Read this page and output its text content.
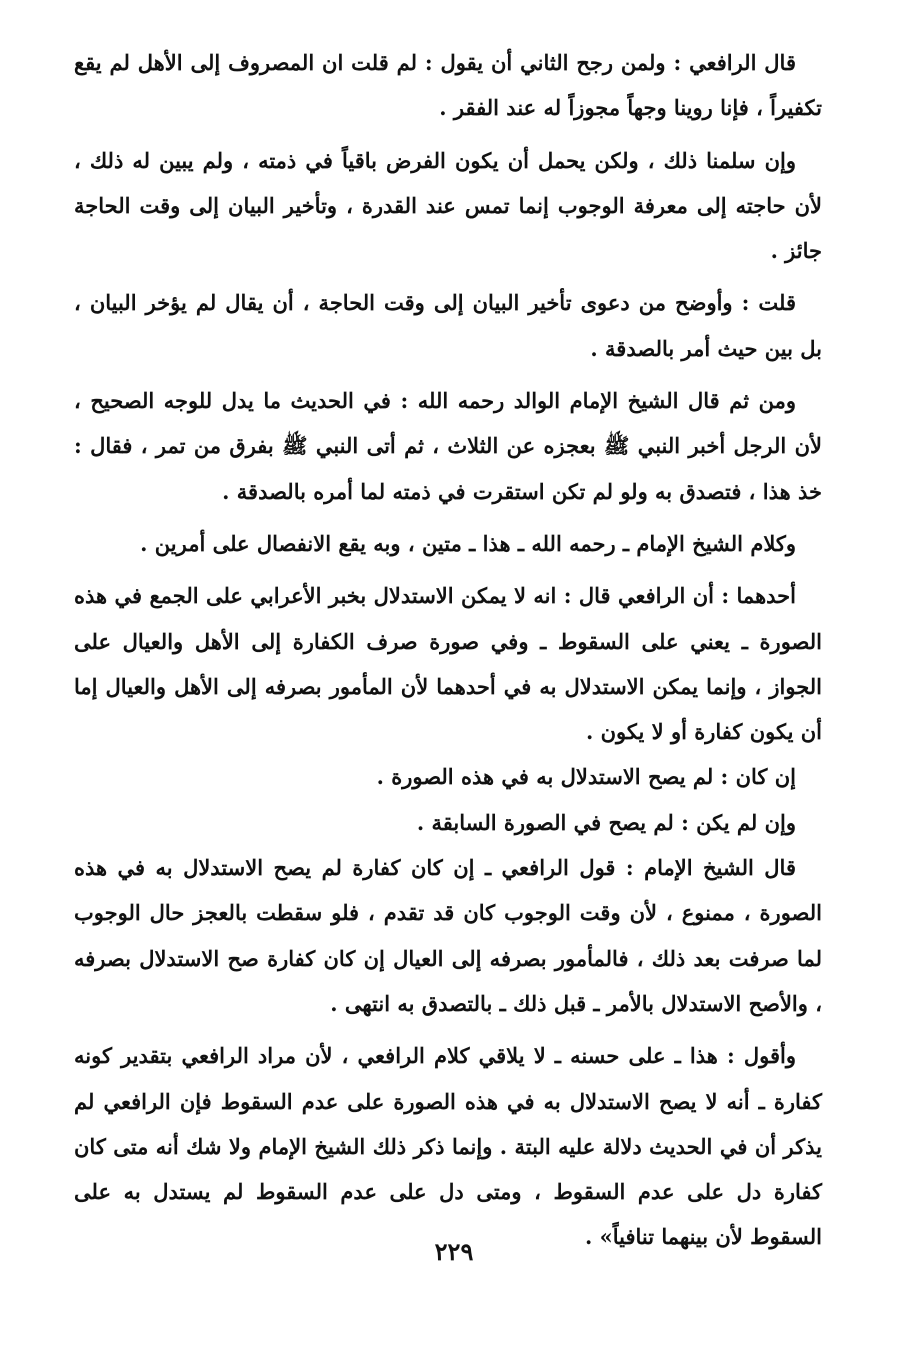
قال الرافعي : ولمن رجح الثاني أن يقول : لم قلت ان المصروف إلى الأهل لم يقع تكفيراً ، فإنا روينا وجهاً مجوزاً له عند الفقر .

وإن سلمنا ذلك ، ولكن يحمل أن يكون الفرض باقياً في ذمته ، ولم يبين له ذلك ، لأن حاجته إلى معرفة الوجوب إنما تمس عند القدرة ، وتأخير البيان إلى وقت الحاجة جائز .

قلت : وأوضح من دعوى تأخير البيان إلى وقت الحاجة ، أن يقال لم يؤخر البيان ، بل بين حيث أمر بالصدقة .

ومن ثم قال الشيخ الإمام الوالد رحمه الله : في الحديث ما يدل للوجه الصحيح ، لأن الرجل أخبر النبي ﷺ بعجزه عن الثلاث ، ثم أتى النبي ﷺ بفرق من تمر ، فقال : خذ هذا ، فتصدق به ولو لم تكن استقرت في ذمته لما أمره بالصدقة .

وكلام الشيخ الإمام ـ رحمه الله ـ هذا ـ متين ، وبه يقع الانفصال على أمرين .

أحدهما : أن الرافعي قال : انه لا يمكن الاستدلال بخبر الأعرابي على الجمع في هذه الصورة ـ يعني على السقوط ـ وفي صورة صرف الكفارة إلى الأهل والعيال على الجواز ، وإنما يمكن الاستدلال به في أحدهما لأن المأمور بصرفه إلى الأهل والعيال إما أن يكون كفارة أو لا يكون .

إن كان : لم يصح الاستدلال به في هذه الصورة .

وإن لم يكن : لم يصح في الصورة السابقة .

قال الشيخ الإمام : قول الرافعي ـ إن كان كفارة لم يصح الاستدلال به في هذه الصورة ، ممنوع ، لأن وقت الوجوب كان قد تقدم ، فلو سقطت بالعجز حال الوجوب لما صرفت بعد ذلك ، فالمأمور بصرفه إلى العيال إن كان كفارة صح الاستدلال بصرفه ، والأصح الاستدلال بالأمر ـ قبل ذلك ـ بالتصدق به انتهى .

وأقول : هذا ـ على حسنه ـ لا يلاقي كلام الرافعي ، لأن مراد الرافعي بتقدير كونه كفارة ـ أنه لا يصح الاستدلال به في هذه الصورة على عدم السقوط فإن الرافعي لم يذكر أن في الحديث دلالة عليه البتة . وإنما ذكر ذلك الشيخ الإمام ولا شك أنه متى كان كفارة دل على عدم السقوط ، ومتى دل على عدم السقوط لم يستدل به على السقوط لأن بينهما تنافياً» .

٢٢٩
